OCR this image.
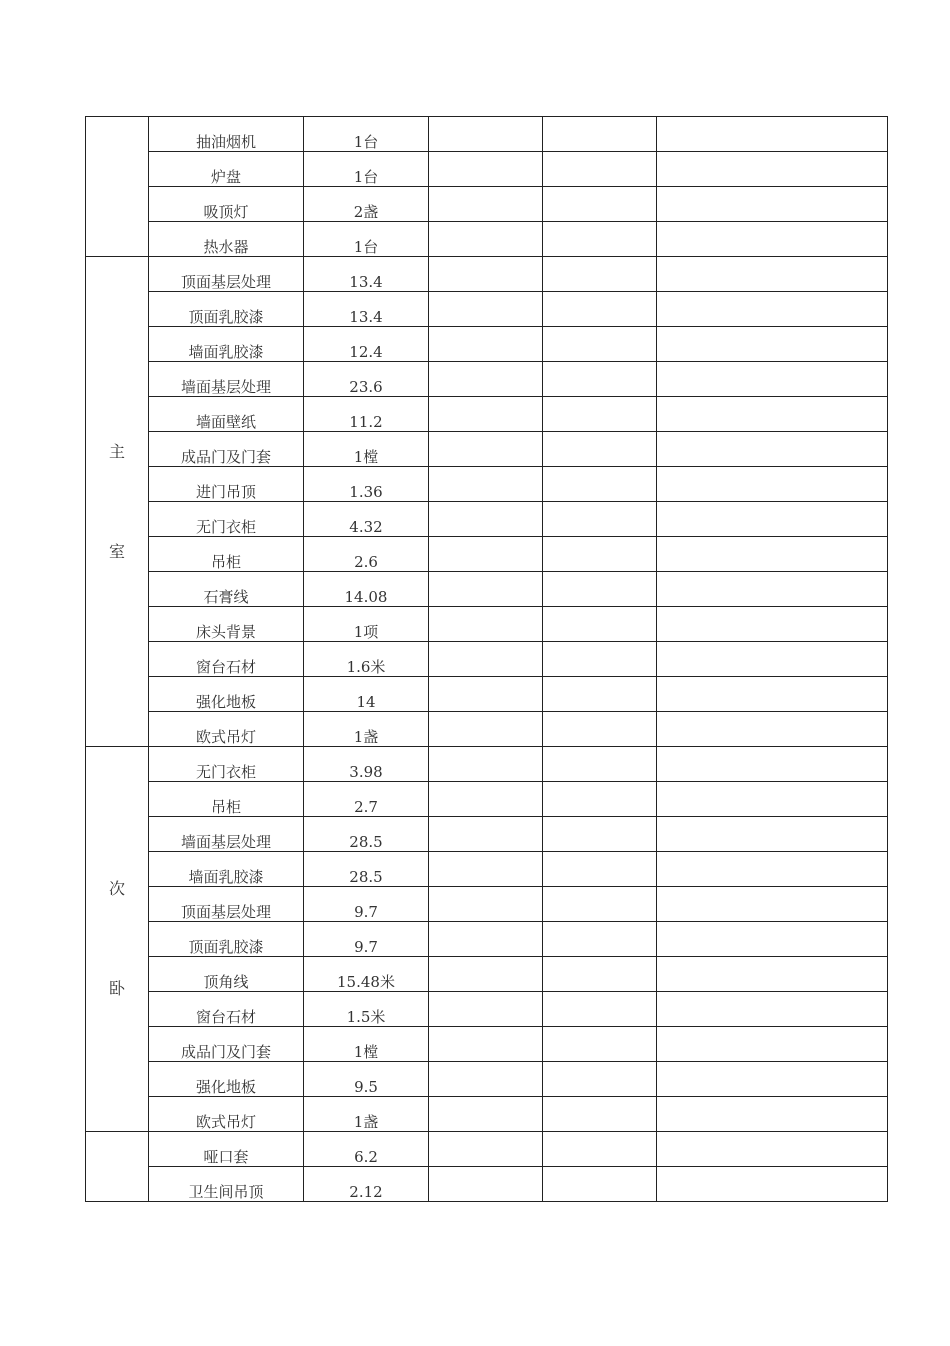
	抽油烟机	1台			
	炉盘	1台			
	吸顶灯	2盏			
	热水器	1台			
主室	顶面基层处理	13.4			
	顶面乳胶漆	13.4			
	墙面乳胶漆	12.4			
	墙面基层处理	23.6			
	墙面壁纸	11.2			
	成品门及门套	1樘			
	进门吊顶	1.36			
	无门衣柜	4.32			
	吊柜	2.6			
	石膏线	14.08			
	床头背景	1项			
	窗台石材	1.6米			
	强化地板	14			
	欧式吊灯	1盏			
次卧	无门衣柜	3.98			
	吊柜	2.7			
	墙面基层处理	28.5			
	墙面乳胶漆	28.5			
	顶面基层处理	9.7			
	顶面乳胶漆	9.7			
	顶角线	15.48米			
	窗台石材	1.5米			
	成品门及门套	1樘			
	强化地板	9.5			
	欧式吊灯	1盏			
	哑口套	6.2			
	卫生间吊顶	2.12			
